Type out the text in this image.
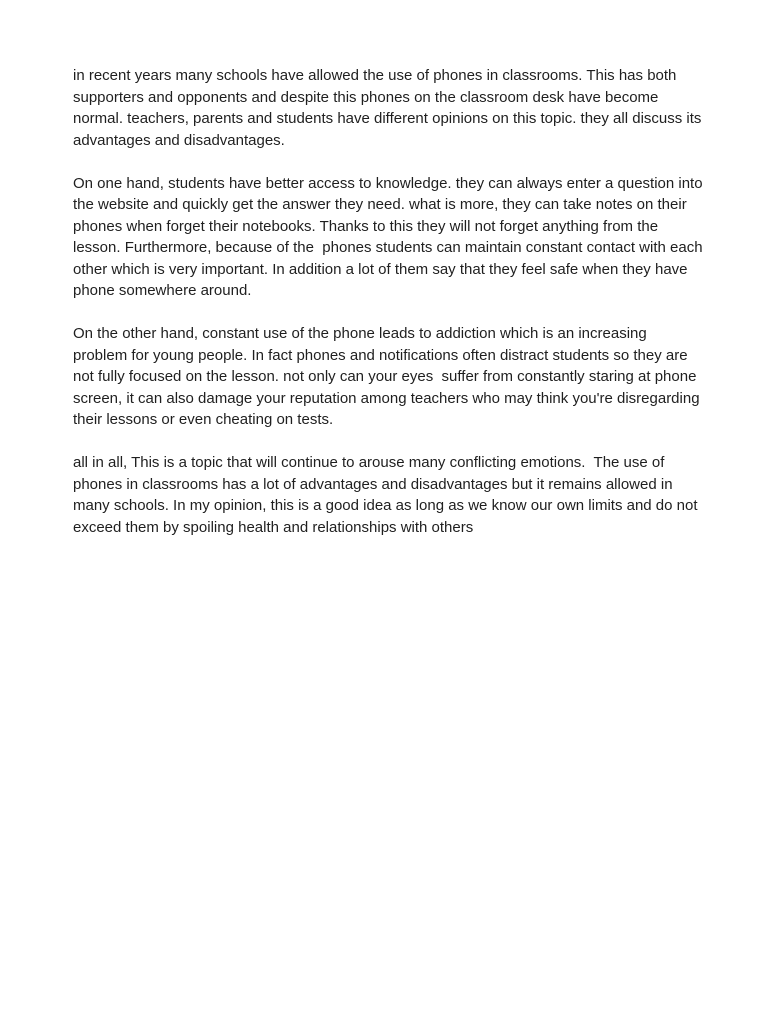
in recent years many schools have allowed the use of phones in classrooms. This has both supporters and opponents and despite this phones on the classroom desk have become normal. teachers, parents and students have different opinions on this topic. they all discuss its advantages and disadvantages.

On one hand, students have better access to knowledge. they can always enter a question into the website and quickly get the answer they need. what is more, they can take notes on their phones when forget their notebooks. Thanks to this they will not forget anything from the lesson. Furthermore, because of the  phones students can maintain constant contact with each other which is very important. In addition a lot of them say that they feel safe when they have phone somewhere around.

On the other hand, constant use of the phone leads to addiction which is an increasing problem for young people. In fact phones and notifications often distract students so they are not fully focused on the lesson. not only can your eyes  suffer from constantly staring at phone screen, it can also damage your reputation among teachers who may think you're disregarding their lessons or even cheating on tests.

all in all, This is a topic that will continue to arouse many conflicting emotions.  The use of phones in classrooms has a lot of advantages and disadvantages but it remains allowed in many schools. In my opinion, this is a good idea as long as we know our own limits and do not exceed them by spoiling health and relationships with others
